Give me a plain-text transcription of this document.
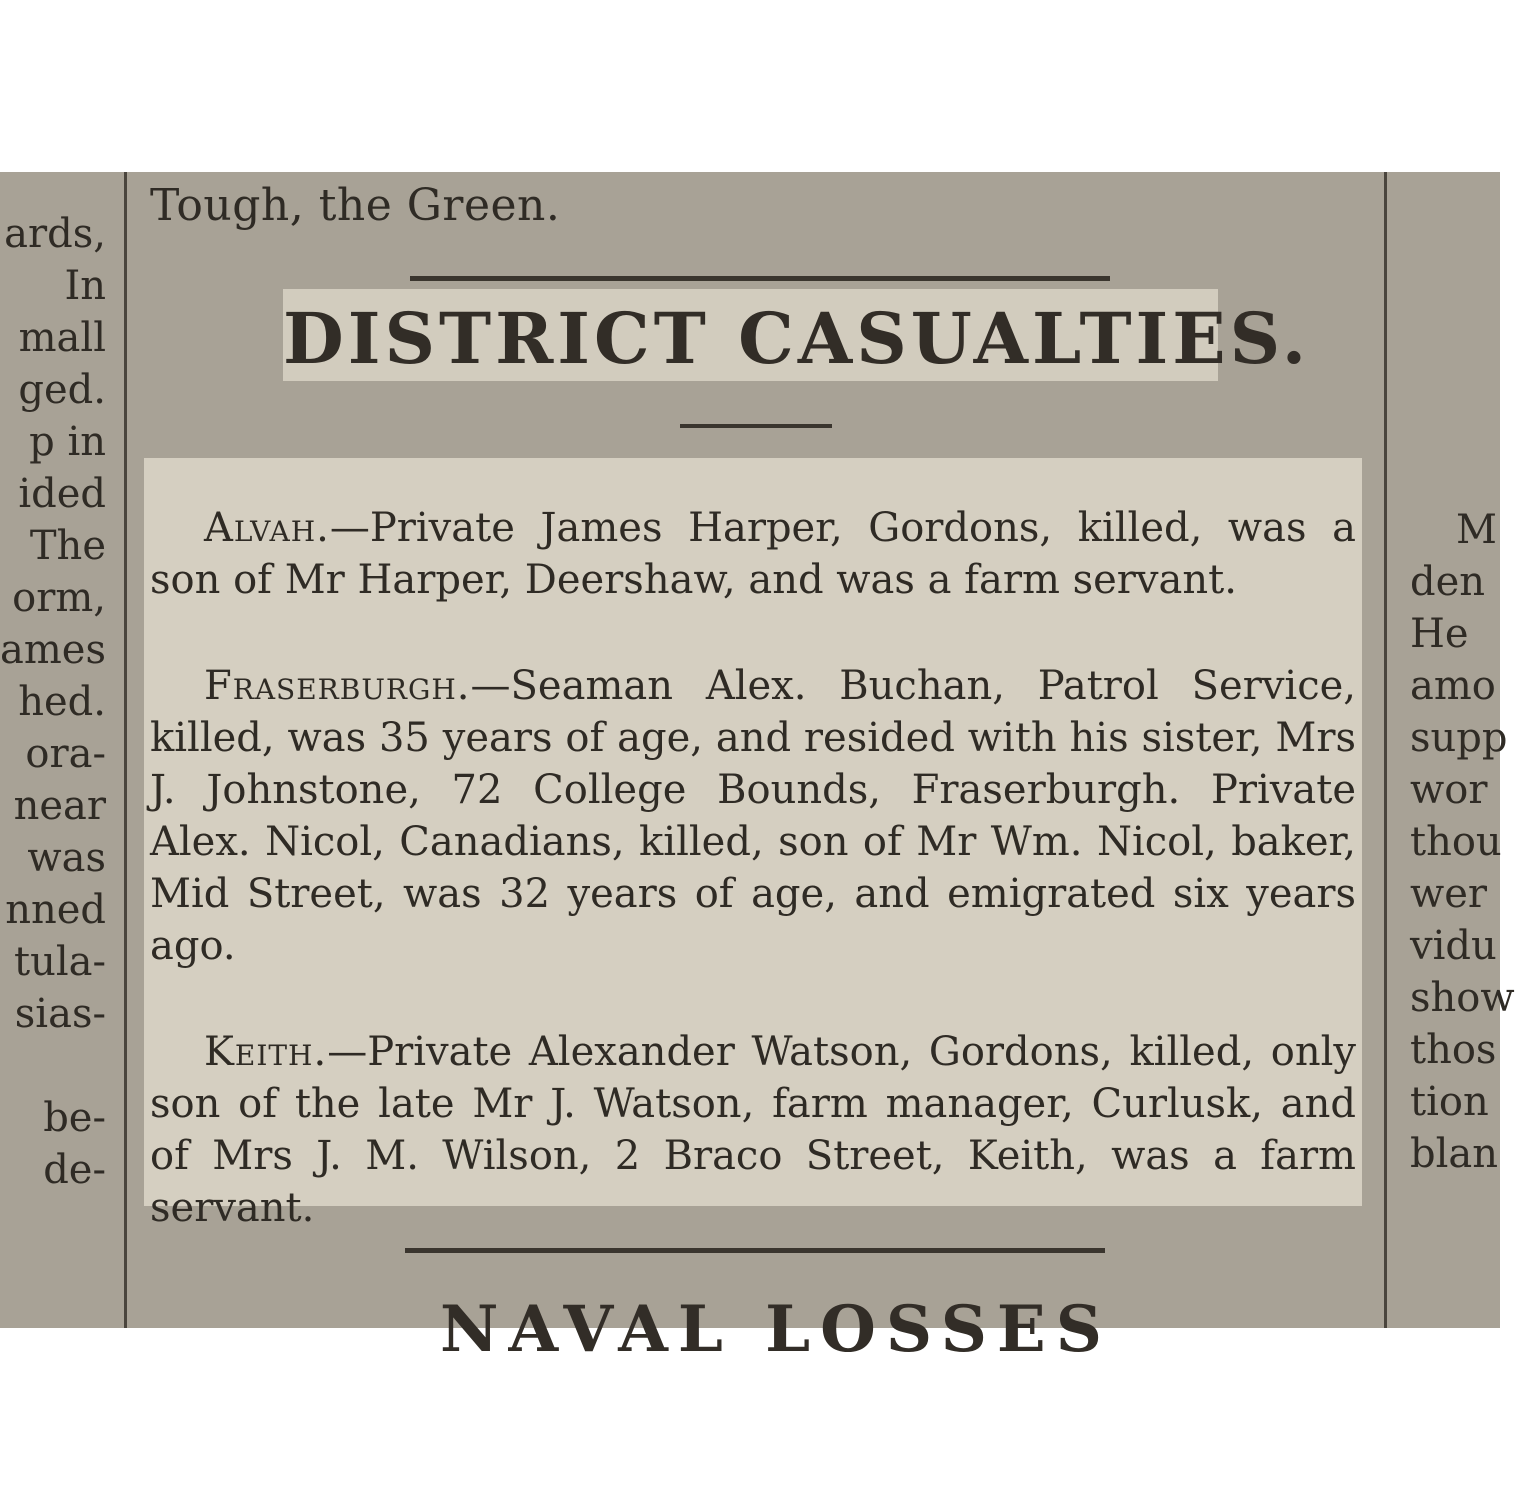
ards,
In
mall
ged.
p in
ided
The
orm,
ames
hed.
ora-
near
was
nned
tula-
sias-
be-
de-
M
den
He
amo
supp
wor
thou
wer
vidu
show
thos
tion
blan
Tough, the Green.
DISTRICT CASUALTIES.

Alvah.—Private James Harper, Gordons, killed, was a son of Mr Harper, Deershaw, and was a farm servant.

Fraserburgh.—Seaman Alex. Buchan, Patrol Service, killed, was 35 years of age, and resided with his sister, Mrs J. Johnstone, 72 College Bounds, Fraserburgh. Private Alex. Nicol, Canadians, killed, son of Mr Wm. Nicol, baker, Mid Street, was 32 years of age, and emigrated six years ago.

Keith.—Private Alexander Watson, Gordons, killed, only son of the late Mr J. Watson, farm manager, Curlusk, and of Mrs J. M. Wilson, 2 Braco Street, Keith, was a farm servant.

NAVAL LOSSES
